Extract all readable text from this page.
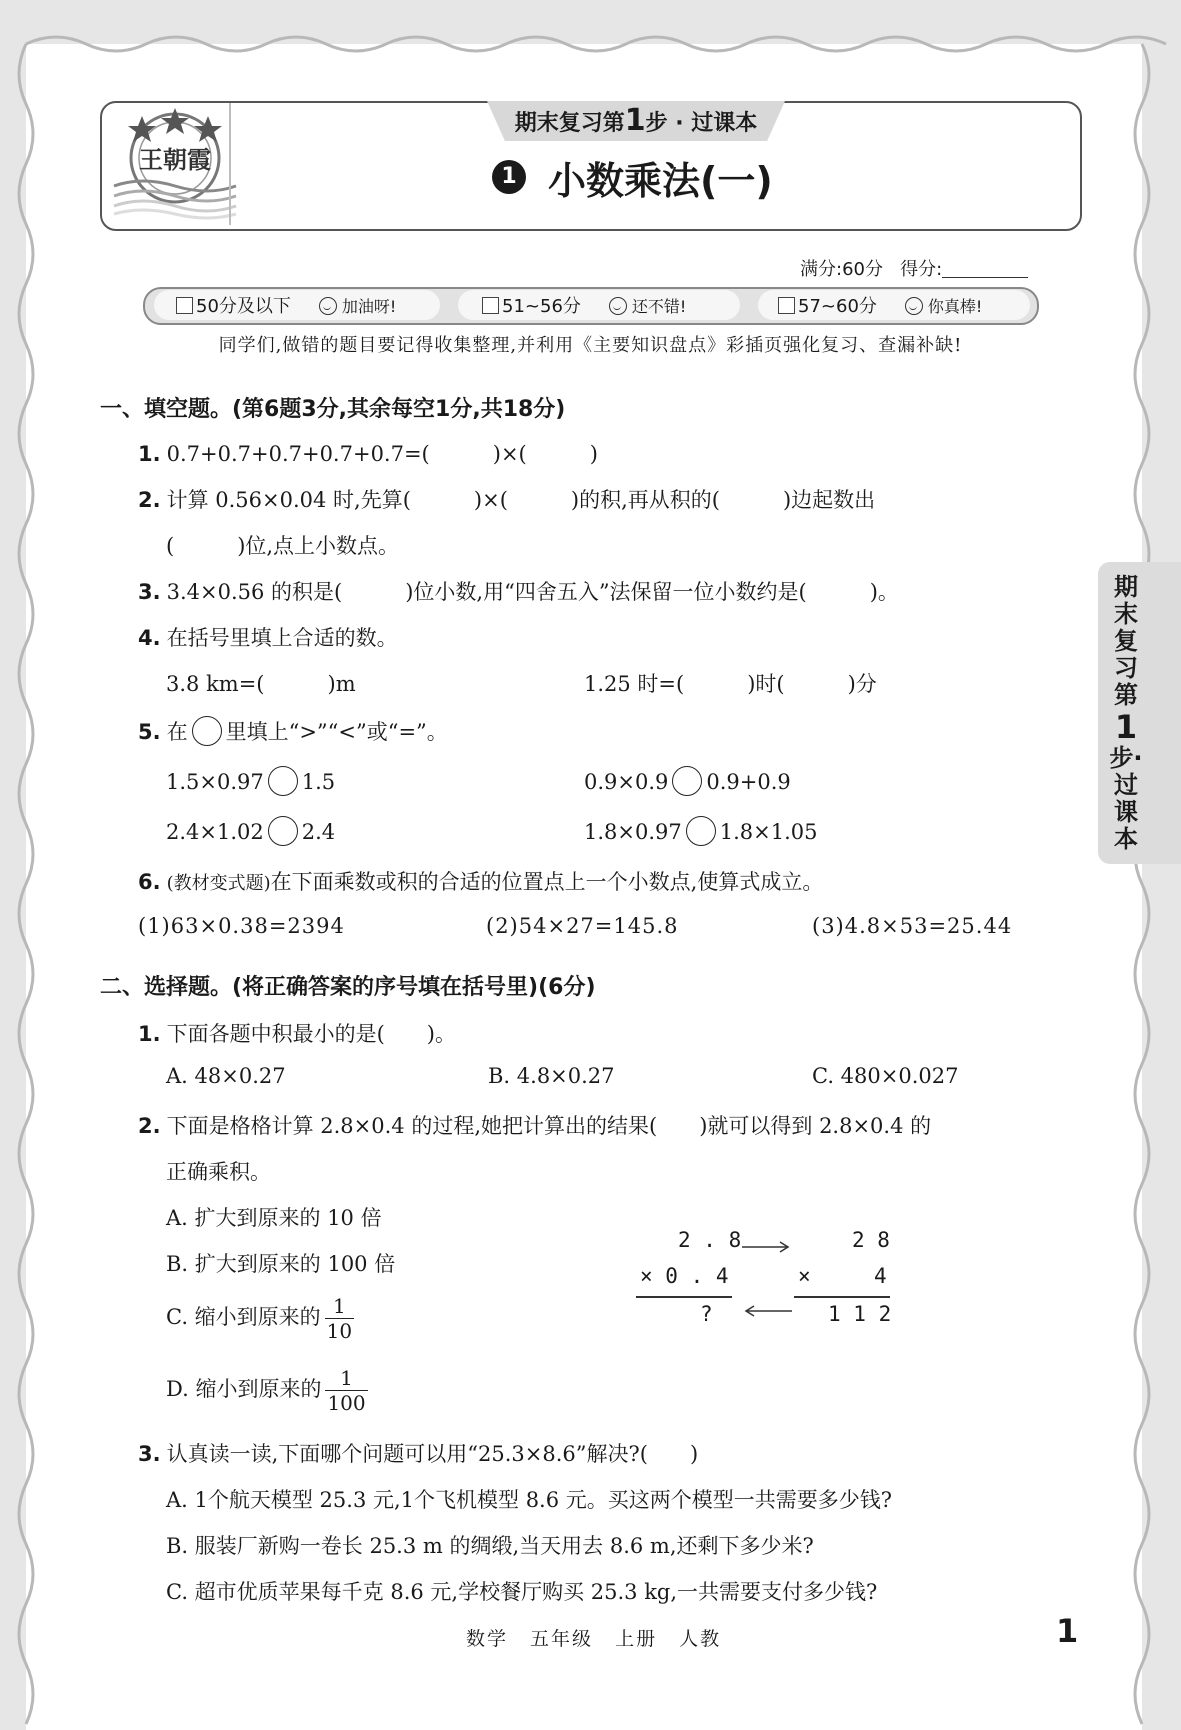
王朝霞
期末复习第1步 · 过课本
1 小数乘法(一)
满分:60分 得分:
50分及以下	加油呀!	51~56分	还不错!	57~60分	你真棒!
同学们,做错的题目要记得收集整理,并利用《主要知识盘点》彩插页强化复习、查漏补缺!
期末复习第
1
步·过课本
一、填空题。(第6题3分,其余每空1分,共18分)
1. 0.7+0.7+0.7+0.7+0.7=(　　　)×(　　　)
2. 计算 0.56×0.04 时,先算(　　　)×(　　　)的积,再从积的(　　　)边起数出
(　　　)位,点上小数点。
3. 3.4×0.56 的积是(　　　)位小数,用“四舍五入”法保留一位小数约是(　　　)。
4. 在括号里填上合适的数。
3.8 km=(　　　)m	1.25 时=(　　　)时(　　　)分
5. 在 里填上“>”“<”或“=”。
1.5×0.97 1.5	0.9×0.9 0.9+0.9
2.4×1.02 2.4	1.8×0.97 1.8×1.05
6. (教材变式题)在下面乘数或积的合适的位置点上一个小数点,使算式成立。
(1)63×0.38=2394	(2)54×27=145.8	(3)4.8×53=25.44
二、选择题。(将正确答案的序号填在括号里)(6分)
1. 下面各题中积最小的是(　　)。
A. 48×0.27	B. 4.8×0.27	C. 480×0.027
2. 下面是格格计算 2.8×0.4 的过程,她把计算出的结果(　　)就可以得到 2.8×0.4 的
正确乘积。
A. 扩大到原来的 10 倍
B. 扩大到原来的 100 倍
C. 缩小到原来的 $\frac{1}{10}$
D. 缩小到原来的 $\frac{1}{100}$
2 . 8
× 0 . 4
?
2 8
×	4
1 1 2
3. 认真读一读,下面哪个问题可以用“25.3×8.6”解决?(　　)
A. 1个航天模型 25.3 元,1个飞机模型 8.6 元。买这两个模型一共需要多少钱?
B. 服装厂新购一卷长 25.3 m 的绸缎,当天用去 8.6 m,还剩下多少米?
C. 超市优质苹果每千克 8.6 元,学校餐厅购买 25.3 kg,一共需要支付多少钱?
数学 五年级 上册 人教	1
